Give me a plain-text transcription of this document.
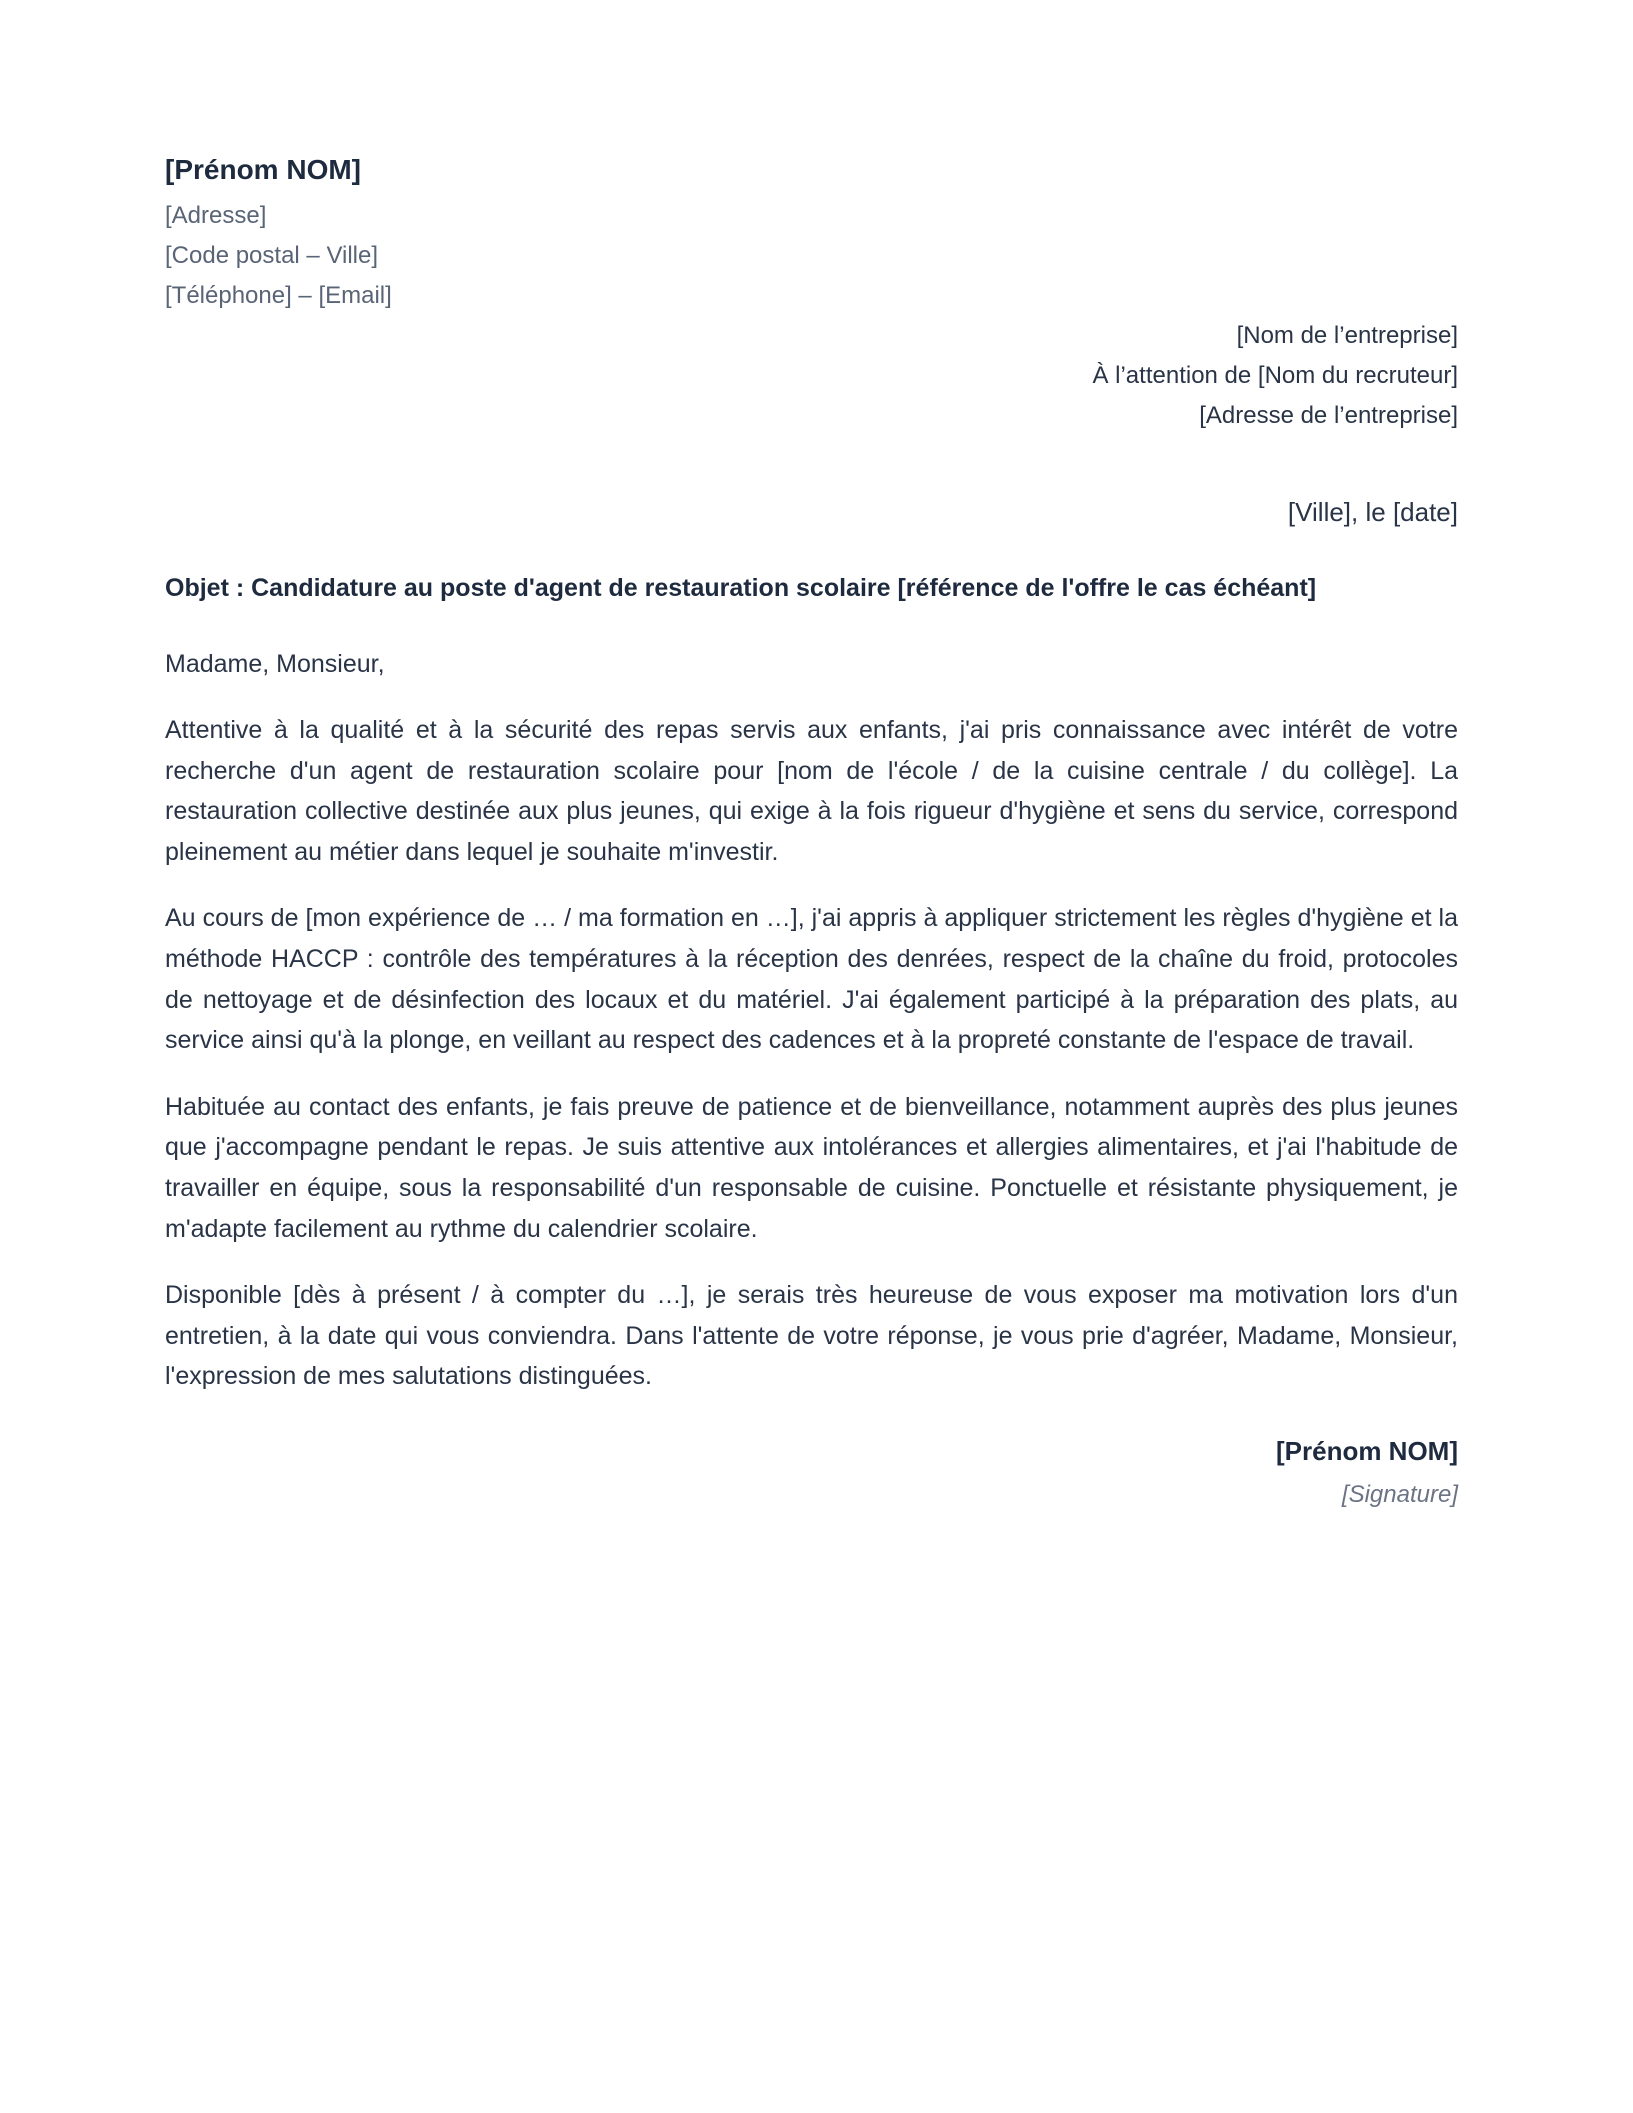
[Prénom NOM]
[Adresse]
[Code postal – Ville]
[Téléphone] – [Email]
[Nom de l’entreprise]
À l’attention de [Nom du recruteur]
[Adresse de l’entreprise]
[Ville], le [date]
Objet : Candidature au poste d'agent de restauration scolaire [référence de l'offre le cas échéant]
Madame, Monsieur,

Attentive à la qualité et à la sécurité des repas servis aux enfants, j'ai pris connaissance avec intérêt de votre recherche d'un agent de restauration scolaire pour [nom de l'école / de la cuisine centrale / du collège]. La restauration collective destinée aux plus jeunes, qui exige à la fois rigueur d'hygiène et sens du service, correspond pleinement au métier dans lequel je souhaite m'investir.

Au cours de [mon expérience de … / ma formation en …], j'ai appris à appliquer strictement les règles d'hygiène et la méthode HACCP : contrôle des températures à la réception des denrées, respect de la chaîne du froid, protocoles de nettoyage et de désinfection des locaux et du matériel. J'ai également participé à la préparation des plats, au service ainsi qu'à la plonge, en veillant au respect des cadences et à la propreté constante de l'espace de travail.

Habituée au contact des enfants, je fais preuve de patience et de bienveillance, notamment auprès des plus jeunes que j'accompagne pendant le repas. Je suis attentive aux intolérances et allergies alimentaires, et j'ai l'habitude de travailler en équipe, sous la responsabilité d'un responsable de cuisine. Ponctuelle et résistante physiquement, je m'adapte facilement au rythme du calendrier scolaire.

Disponible [dès à présent / à compter du …], je serais très heureuse de vous exposer ma motivation lors d'un entretien, à la date qui vous conviendra. Dans l'attente de votre réponse, je vous prie d'agréer, Madame, Monsieur, l'expression de mes salutations distinguées.

[Prénom NOM]
[Signature]
